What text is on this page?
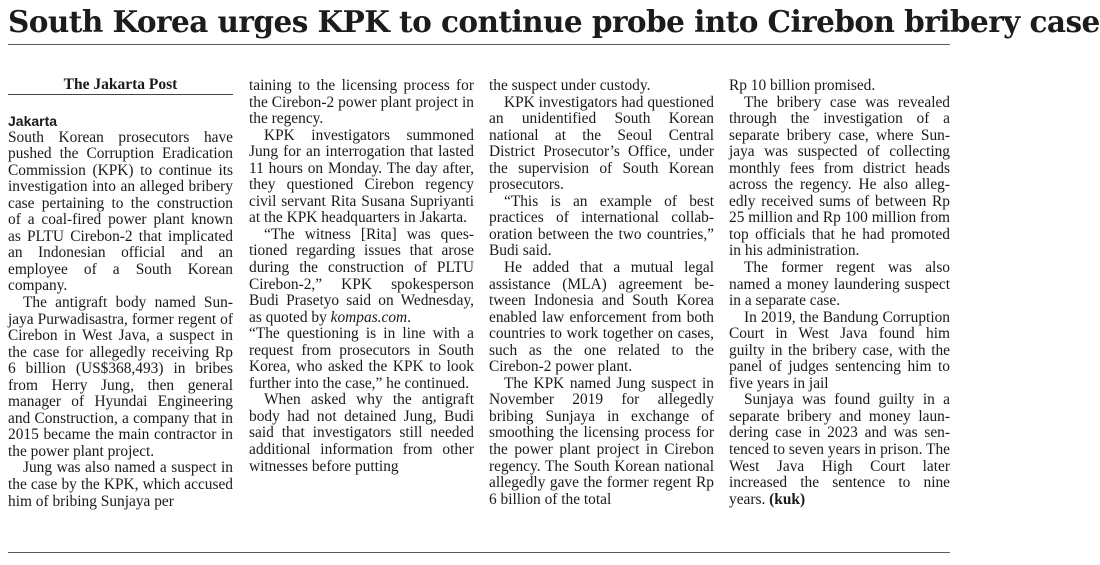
South Korea urges KPK to continue probe into Cirebon bribery case
The Jakarta Post

Jakarta

South Korean prosecutors have pushed the Corruption Eradication Commission (KPK) to continue its investigation into an alleged bribery case pertaining to the construction of a coal-fired power plant known as PLTU Cirebon-2 that implicated an Indonesian official and an employee of a South Korean company.

The antigraft body named Sunjaya Purwadisastra, former regent of Cirebon in West Java, a suspect in the case for allegedly receiving Rp 6 billion (US$368,493) in bribes from Herry Jung, then general manager of Hyundai Engineering and Construction, a company that in 2015 became the main contractor in the power plant project.

Jung was also named a suspect in the case by the KPK, which accused him of bribing Sunjaya per

taining to the licensing process for the Cirebon-2 power plant project in the regency.

KPK investigators summoned Jung for an interrogation that lasted 11 hours on Monday. The day after, they questioned Cirebon regency civil servant Rita Susana Supriyanti at the KPK headquarters in Jakarta.

“The witness [Rita] was questioned regarding issues that arose during the construction of PLTU Cirebon-2,” KPK spokesperson Budi Prasetyo said on Wednesday, as quoted by kompas.com.

“The questioning is in line with a request from prosecutors in South Korea, who asked the KPK to look further into the case,” he continued.

When asked why the antigraft body had not detained Jung, Budi said that investigators still needed additional information from other witnesses before putting

the suspect under custody.

KPK investigators had questioned an unidentified South Korean national at the Seoul Central District Prosecutor’s Office, under the supervision of South Korean prosecutors.

“This is an example of best practices of international collaboration between the two countries,” Budi said.

He added that a mutual legal assistance (MLA) agreement between Indonesia and South Korea enabled law enforcement from both countries to work together on cases, such as the one related to the Cirebon-2 power plant.

The KPK named Jung suspect in November 2019 for allegedly bribing Sunjaya in exchange of smoothing the licensing process for the power plant project in Cirebon regency. The South Korean national allegedly gave the former regent Rp 6 billion of the total

Rp 10 billion promised.

The bribery case was revealed through the investigation of a separate bribery case, where Sunjaya was suspected of collecting monthly fees from district heads across the regency. He also allegedly received sums of between Rp 25 million and Rp 100 million from top officials that he had promoted in his administration.

The former regent was also named a money laundering suspect in a separate case.

In 2019, the Bandung Corruption Court in West Java found him guilty in the bribery case, with the panel of judges sentencing him to five years in jail

Sunjaya was found guilty in a separate bribery and money laundering case in 2023 and was sentenced to seven years in prison. The West Java High Court later increased the sentence to nine years. (kuk)
